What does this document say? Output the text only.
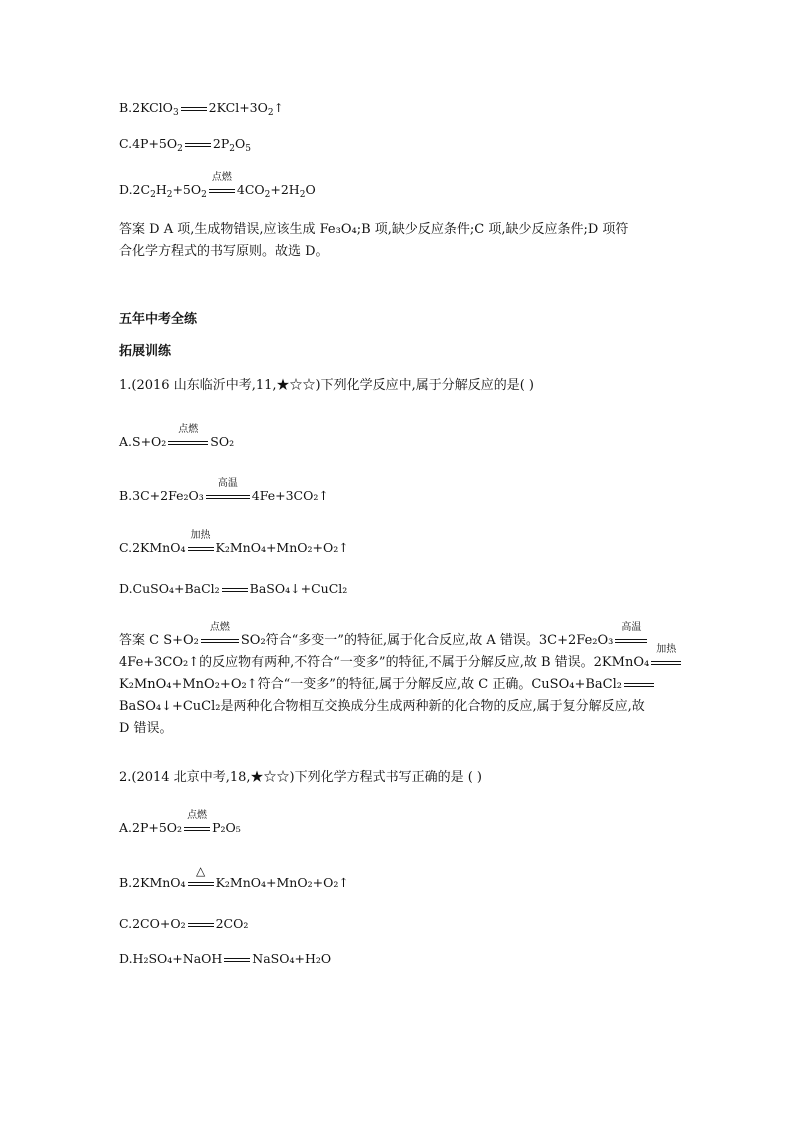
B.2KClO$_3$ $2KCl+3O_2↑$
$C.4P+5O_2$ $2P_2O_5$
$D.2C_2H_2+5O_2$
点燃
$4CO_2+2H_2O$
答案 D A 项,生成物错误,应该生成 Fe₃O₄;B 项,缺少反应条件;C 项,缺少反应条件;D 项符
合化学方程式的书写原则。故选 D。
五年中考全练
拓展训练
1.(2016 山东临沂中考,11,★☆☆)下列化学反应中,属于分解反应的是( )
A.S+O₂
点燃
SO₂
B.3C+2Fe₂O₃
高温
4Fe+3CO₂↑
C.2KMnO₄
加热
K₂MnO₄+MnO₂+O₂↑
D.CuSO₄+BaCl₂ BaSO₄↓+CuCl₂
答案 C S+O₂
点燃
SO₂符合“多变一”的特征,属于化合反应,故 A 错误。3C+2Fe₂O₃
高温
4Fe+3CO₂↑的反应物有两种,不符合“一变多”的特征,不属于分解反应,故 B 错误。2KMnO₄
加热
K₂MnO₄+MnO₂+O₂↑符合“一变多”的特征,属于分解反应,故 C 正确。CuSO₄+BaCl₂
BaSO₄↓+CuCl₂是两种化合物相互交换成分生成两种新的化合物的反应,属于复分解反应,故
D 错误。
2.(2014 北京中考,18,★☆☆)下列化学方程式书写正确的是 ( )
A.2P+5O₂
点燃
P₂O₅
B.2KMnO₄
△
K₂MnO₄+MnO₂+O₂↑
C.2CO+O₂ 2CO₂
D.H₂SO₄+NaOH NaSO₄+H₂O
